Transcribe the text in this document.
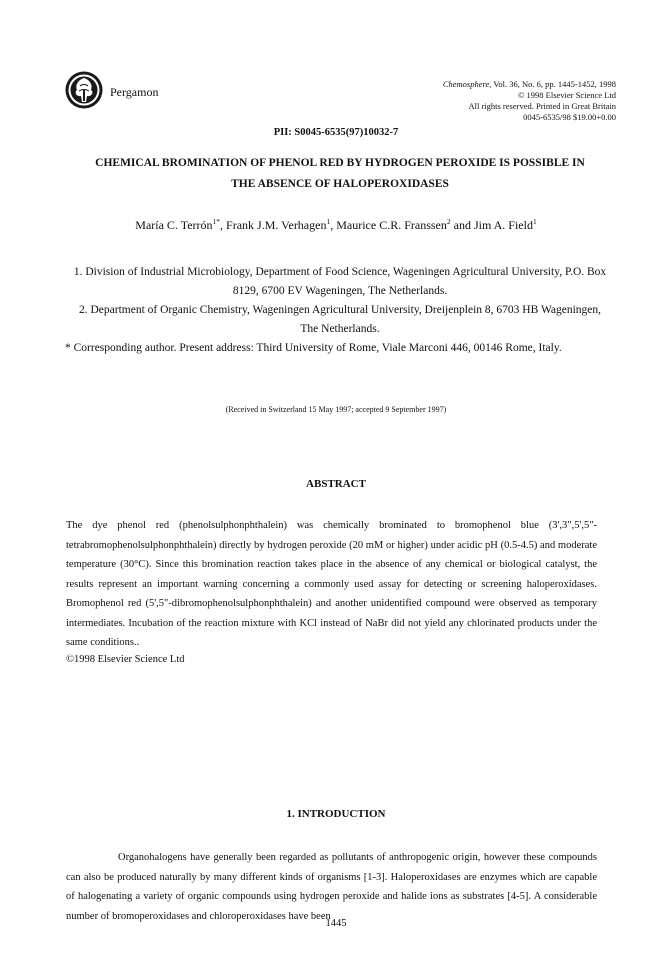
Pergamon
Chemosphere, Vol. 36, No. 6, pp. 1445-1452, 1998
© 1998 Elsevier Science Ltd
All rights reserved. Printed in Great Britain
0045-6535/98 $19.00+0.00
PII: S0045-6535(97)10032-7
CHEMICAL BROMINATION OF PHENOL RED BY HYDROGEN PEROXIDE IS POSSIBLE IN
THE ABSENCE OF HALOPEROXIDASES
María C. Terrón$^{1*}$, Frank J.M. Verhagen$^1$, Maurice C.R. Franssen$^2$ and Jim A. Field$^1$

1. Division of Industrial Microbiology, Department of Food Science, Wageningen Agricultural University, P.O. Box 8129, 6700 EV Wageningen, The Netherlands.

2. Department of Organic Chemistry, Wageningen Agricultural University, Dreijenplein 8, 6703 HB Wageningen, The Netherlands.

* Corresponding author. Present address: Third University of Rome, Viale Marconi 446, 00146 Rome, Italy.

(Received in Switzerland 15 May 1997; accepted 9 September 1997)
ABSTRACT
The dye phenol red (phenolsulphonphthalein) was chemically brominated to bromophenol blue (3',3",5',5"-tetrabromophenolsulphonphthalein) directly by hydrogen peroxide (20 mM or higher) under acidic pH (0.5-4.5) and moderate temperature (30°C). Since this bromination reaction takes place in the absence of any chemical or biological catalyst, the results represent an important warning concerning a commonly used assay for detecting or screening haloperoxidases. Bromophenol red (5',5"-dibromophenolsulphonphthalein) and another unidentified compound were observed as temporary intermediates. Incubation of the reaction mixture with KCl instead of NaBr did not yield any chlorinated products under the same conditions..
©1998 Elsevier Science Ltd
1. INTRODUCTION
Organohalogens have generally been regarded as pollutants of anthropogenic origin, however these compounds can also be produced naturally by many different kinds of organisms [1-3]. Haloperoxidases are enzymes which are capable of halogenating a variety of organic compounds using hydrogen peroxide and halide ions as substrates [4-5]. A considerable number of bromoperoxidases and chloroperoxidases have been
1445
